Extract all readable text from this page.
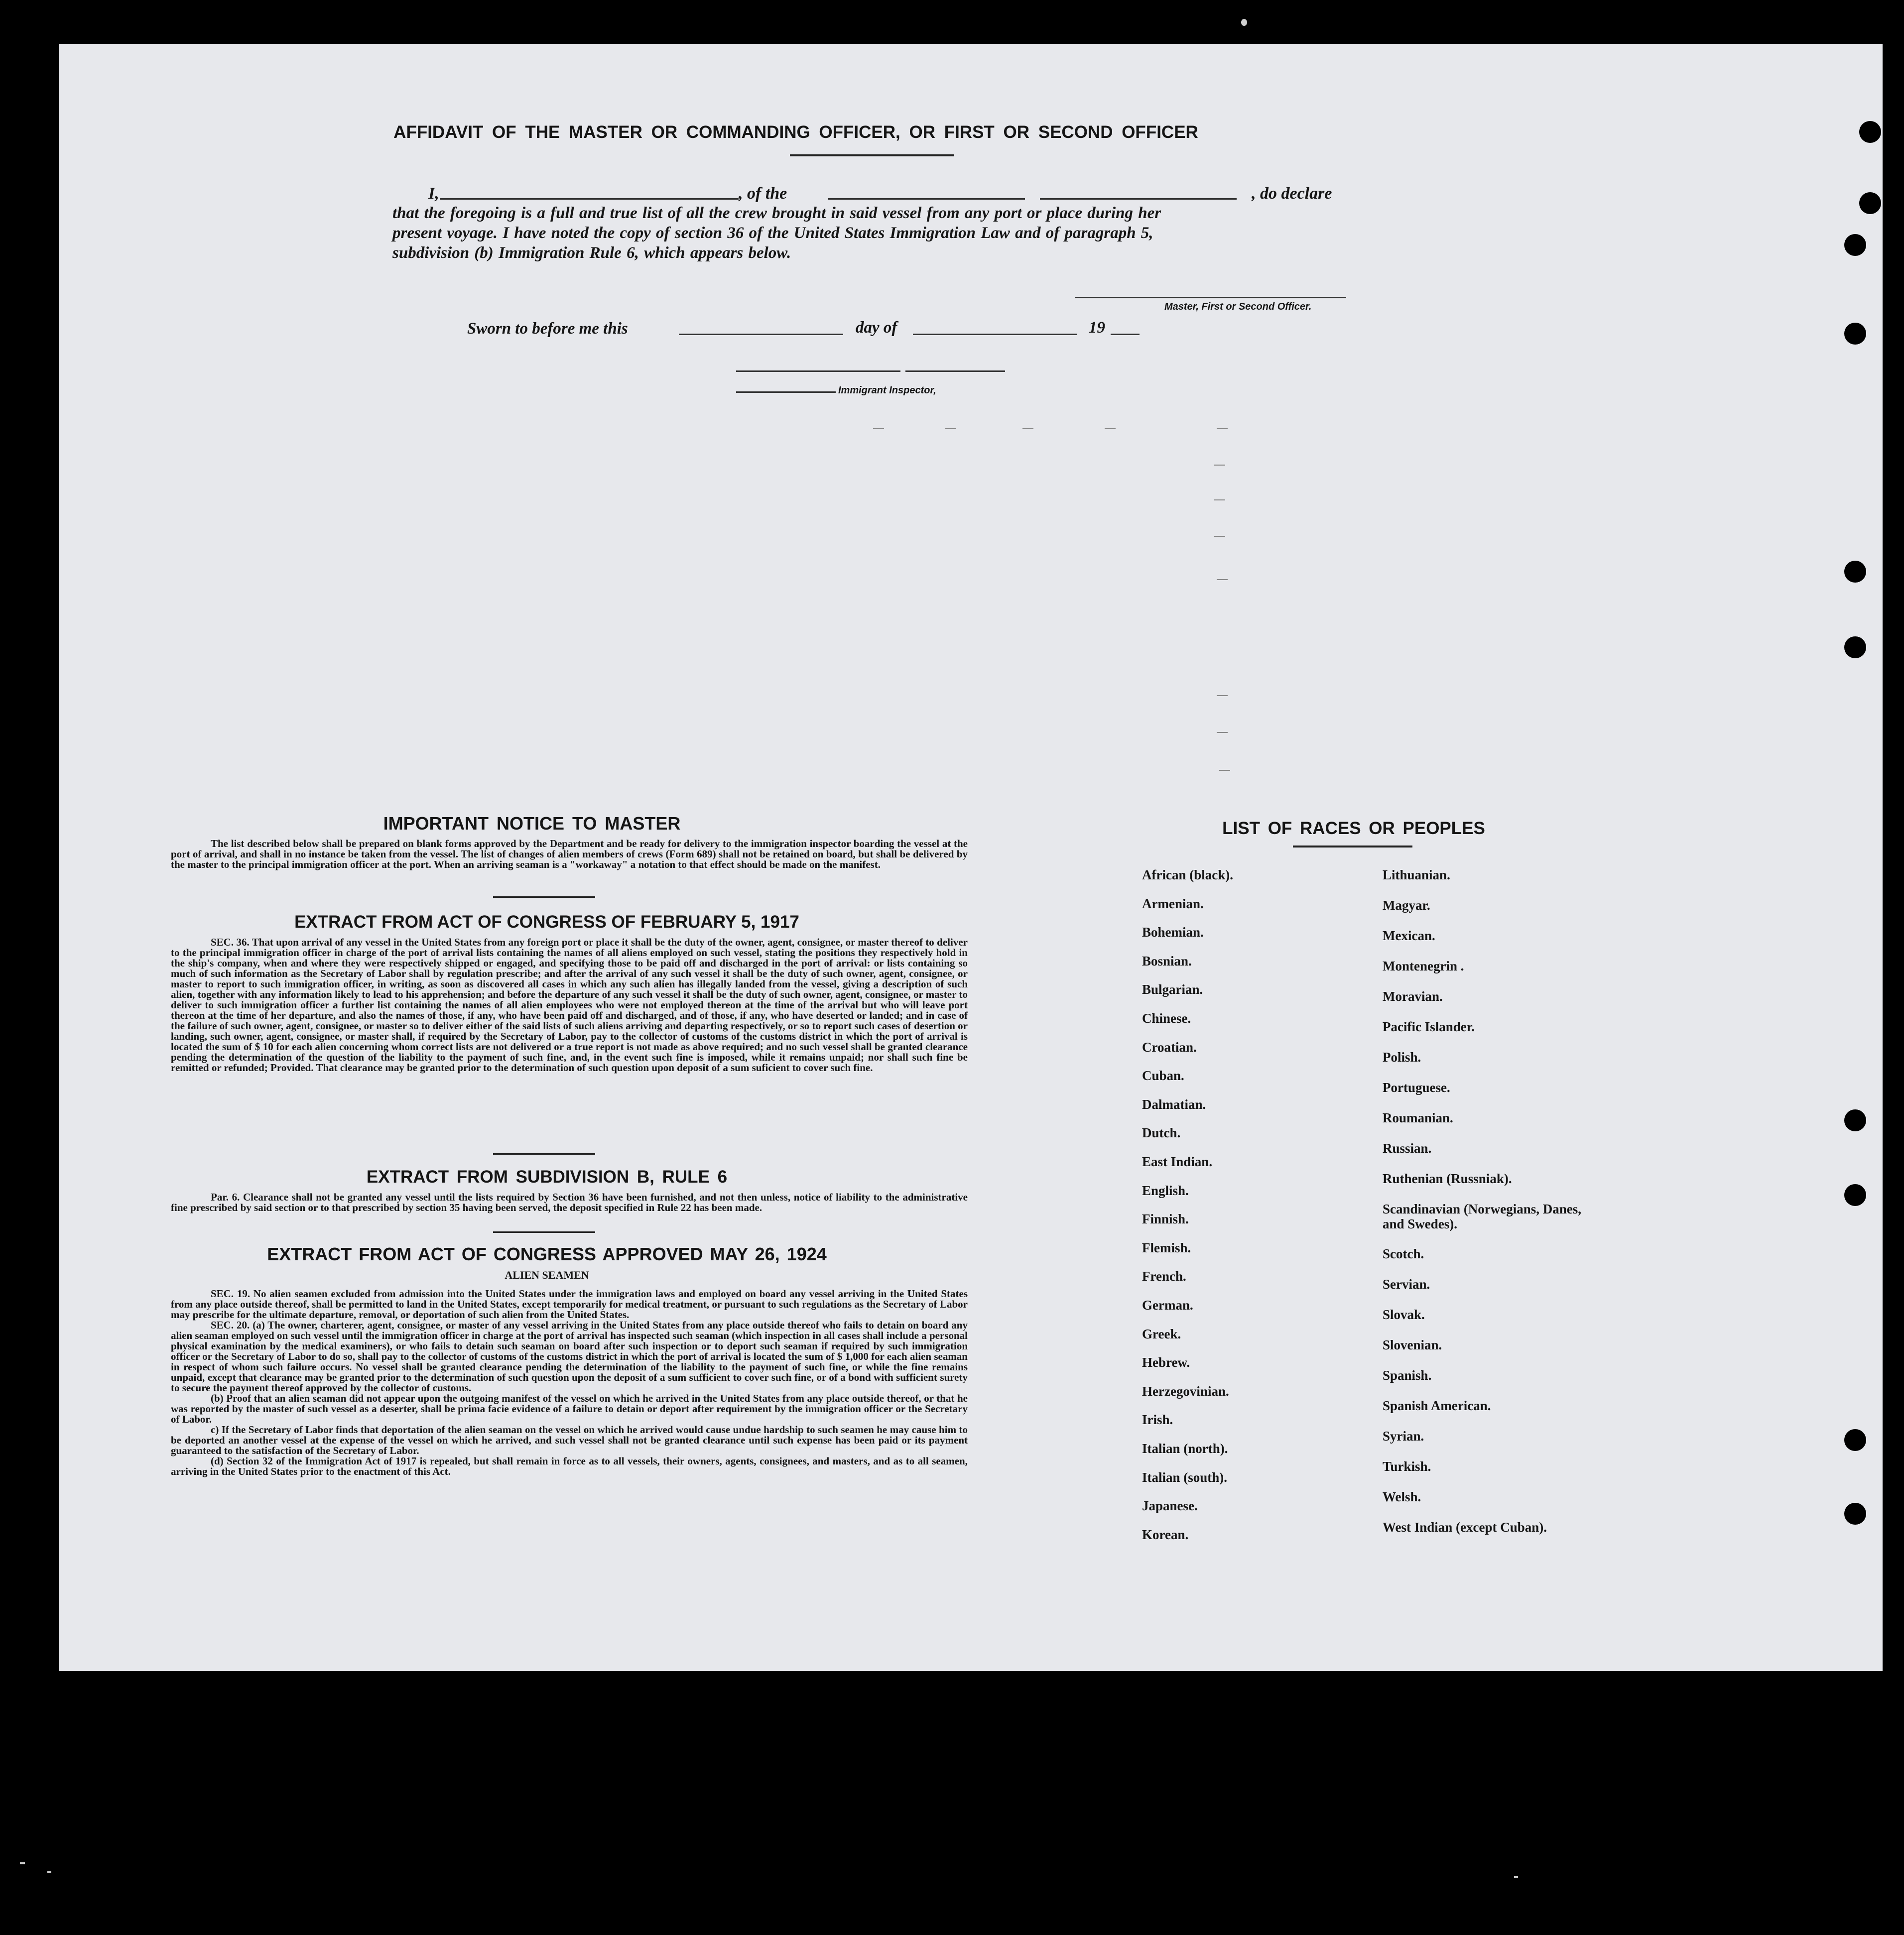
AFFIDAVIT OF THE MASTER OR COMMANDING OFFICER, OR FIRST OR SECOND OFFICER
I,	, of the	, do declare
that the foregoing is a full and true list of all the crew brought in said vessel from any port or place during her
present voyage. I have noted the copy of section 36 of the United States Immigration Law and of paragraph 5,
subdivision (b) Immigration Rule 6, which appears below.
Master, First or Second Officer.
Sworn to before me this	day of	19
Immigrant Inspector,
IMPORTANT NOTICE TO MASTER

The list described below shall be prepared on blank forms approved by the Department and be ready for delivery to the immigration inspector boarding the vessel at the port of arrival, and shall in no instance be taken from the vessel. The list of changes of alien members of crews (Form 689) shall not be retained on board, but shall be delivered by the master to the principal immigration officer at the port. When an arriving seaman is a "workaway" a notation to that effect should be made on the manifest.

EXTRACT FROM ACT OF CONGRESS OF FEBRUARY 5, 1917

SEC. 36. That upon arrival of any vessel in the United States from any foreign port or place it shall be the duty of the owner, agent, consignee, or master thereof to deliver to the principal immigration officer in charge of the port of arrival lists containing the names of all aliens employed on such vessel, stating the positions they respectively hold in the ship's company, when and where they were respectively shipped or engaged, and specifying those to be paid off and discharged in the port of arrival: or lists containing so much of such information as the Secretary of Labor shall by regulation prescribe; and after the arrival of any such vessel it shall be the duty of such owner, agent, consignee, or master to report to such immigration officer, in writing, as soon as discovered all cases in which any such alien has illegally landed from the vessel, giving a description of such alien, together with any information likely to lead to his apprehension; and before the departure of any such vessel it shall be the duty of such owner, agent, consignee, or master to deliver to such immigration officer a further list containing the names of all alien employees who were not employed thereon at the time of the arrival but who will leave port thereon at the time of her departure, and also the names of those, if any, who have been paid off and discharged, and of those, if any, who have deserted or landed; and in case of the failure of such owner, agent, consignee, or master so to deliver either of the said lists of such aliens arriving and departing respectively, or so to report such cases of desertion or landing, such owner, agent, consignee, or master shall, if required by the Secretary of Labor, pay to the collector of customs of the customs district in which the port of arrival is located the sum of $ 10 for each alien concerning whom correct lists are not delivered or a true report is not made as above required; and no such vessel shall be granted clearance pending the determination of the question of the liability to the payment of such fine, and, in the event such fine is imposed, while it remains unpaid; nor shall such fine be remitted or refunded; Provided. That clearance may be granted prior to the determination of such question upon deposit of a sum suficient to cover such fine.

EXTRACT FROM SUBDIVISION B, RULE 6

Par. 6. Clearance shall not be granted any vessel until the lists required by Section 36 have been furnished, and not then unless, notice of liability to the administrative fine prescribed by said section or to that prescribed by section 35 having been served, the deposit specified in Rule 22 has been made.

EXTRACT FROM ACT OF CONGRESS APPROVED MAY 26, 1924
ALIEN SEAMEN

SEC. 19. No alien seamen excluded from admission into the United States under the immigration laws and employed on board any vessel arriving in the United States from any place outside thereof, shall be permitted to land in the United States, except temporarily for medical treatment, or pursuant to such regulations as the Secretary of Labor may prescribe for the ultimate departure, removal, or deportation of such alien from the United States.

SEC. 20. (a) The owner, charterer, agent, consignee, or master of any vessel arriving in the United States from any place outside thereof who fails to detain on board any alien seaman employed on such vessel until the immigration officer in charge at the port of arrival has inspected such seaman (which inspection in all cases shall include a personal physical examination by the medical examiners), or who fails to detain such seaman on board after such inspection or to deport such seaman if required by such immigration officer or the Secretary of Labor to do so, shall pay to the collector of customs of the customs district in which the port of arrival is located the sum of $ 1,000 for each alien seaman in respect of whom such failure occurs. No vessel shall be granted clearance pending the determination of the liability to the payment of such fine, or while the fine remains unpaid, except that clearance may be granted prior to the determination of such question upon the deposit of a sum sufficient to cover such fine, or of a bond with sufficient surety to secure the payment thereof approved by the collector of customs.

(b) Proof that an alien seaman did not appear upon the outgoing manifest of the vessel on which he arrived in the United States from any place outside thereof, or that he was reported by the master of such vessel as a deserter, shall be prima facie evidence of a failure to detain or deport after requirement by the immigration officer or the Secretary of Labor.

c) If the Secretary of Labor finds that deportation of the alien seaman on the vessel on which he arrived would cause undue hardship to such seamen he may cause him to be deported an another vessel at the expense of the vessel on which he arrived, and such vessel shall not be granted clearance until such expense has been paid or its payment guaranteed to the satisfaction of the Secretary of Labor.

(d) Section 32 of the Immigration Act of 1917 is repealed, but shall remain in force as to all vessels, their owners, agents, consignees, and masters, and as to all seamen, arriving in the United States prior to the enactment of this Act.

LIST OF RACES OR PEOPLES
African (black).
Armenian.
Bohemian.
Bosnian.
Bulgarian.
Chinese.
Croatian.
Cuban.
Dalmatian.
Dutch.
East Indian.
English.
Finnish.
Flemish.
French.
German.
Greek.
Hebrew.
Herzegovinian.
Irish.
Italian (north).
Italian (south).
Japanese.
Korean.
Lithuanian.
Magyar.
Mexican.
Montenegrin .
Moravian.
Pacific Islander.
Polish.
Portuguese.
Roumanian.
Russian.
Ruthenian (Russniak).
Scandinavian (Norwegians, Danes, and Swedes).
Scotch.
Servian.
Slovak.
Slovenian.
Spanish.
Spanish American.
Syrian.
Turkish.
Welsh.
West Indian (except Cuban).
